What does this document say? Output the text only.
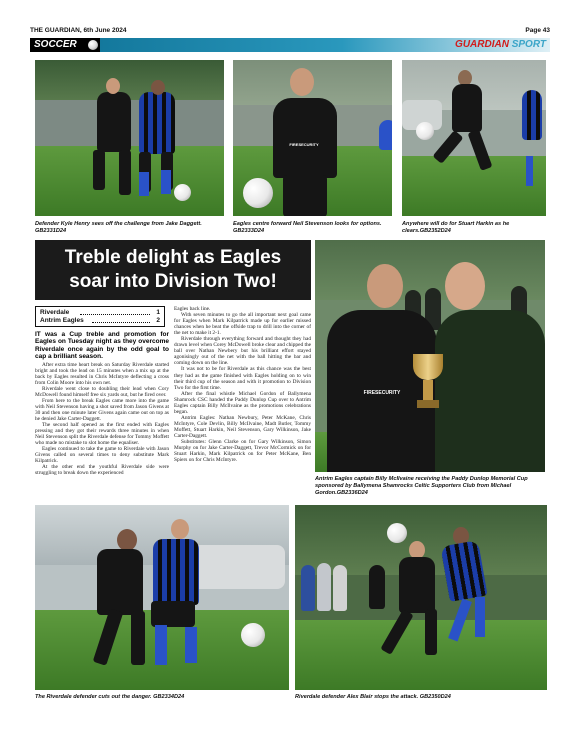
THE GUARDIAN, 6th June 2024	Page 43
SOCCER	GUARDIAN SPORT
FIRESECURITY
Defender Kyle Henry sees off the challenge from Jake Daggett. GB2331D24
Eagles centre forward Neil Stevenson looks for options. GB2333D24
Anywhere will do for Stuart Harkin as he clears.GB2352D24
Treble delight as Eagles
soar into Division Two!
Riverdale	1
Antrim Eagles	2

IT was a Cup treble and promotion for Eagles on Tuesday night as they overcome Riverdale once again by the odd goal to cap a brilliant season.

After extra time heart break on Saturday Riverdale started bright and took the lead on 15 minutes when a mix up at the back by Eagles resulted in Chris McIntyre deflecting a cross from Colin Moore into his own net.

Riverdale went close to doubling their lead when Cory McDowell found himself free six yards out, but he fired over.

From here to the break Eagles came more into the game with Neil Stevenson having a shot saved from Jason Givens at 30 and then one minute later Givens again came out on top as he denied Jake Carter-Daggett.

The second half opened as the first ended with Eagles pressing and they got their rewards three minutes in when Neil Stevenson split the Riverdale defense for Tommy Moffett who made no mistake to slot home the equaliser.

Eagles continued to take the game to Riverdale with Jason Givens called on several times to deny substitute Mark Kilpatrick.

At the other end the youthful Riverdale side were struggling to break down the experienced

Eagles back line.

With seven minutes to go the all important next goal came for Eagles when Mark Kilpatrick made up for earlier missed chances when he beat the offside trap to drill into the corner of the net to make it 2-1.

Riverdale through everything forward and thought they had drawn level when Corey McDowell broke clear and chipped the ball over Nathan Newbery but his brilliant effort stayed agonisingly out of the net with the ball hitting the bar and coming down on the line.

It was not to be for Riverdale as this chance was the best they had as the game finished with Eagles holding on to win their third cup of the season and with it promotion to Division Two for the first time.

After the final whistle Michael Gordon of Ballymena Shamrock CSC handed the Paddy Dunlop Cup over to Antrim Eagles captain Billy McIlvaine as the promotions celebrations began.

Antrim Eagles: Nathan Newbury, Peter McKane, Chris McIntyre, Cole Devlin, Billy McIlvaine, Madt Butler, Tommy Moffett, Stuart Harkin, Neil Stevenson, Gary Wilkinson, Jake Carter-Daggett.

Substitutes: Glenn Clarke on for Gary Wilkinson, Simon Murphy on for Jake Carter-Daggett, Trevor McCormick on for Stuart Harkin, Mark Kilpatrick on for Peter McKane, Ben Spiers on for Chris McIntyre.

FIRESECURITY
Antrim Eagles captain Billy McIlvaine receiving the Paddy Dunlop Memorial Cup sponsored by Ballymena Shamrocks Celtic Supporters Club from Michael Gordon.GB2336D24
The Riverdale defender cuts out the danger. GB2334D24	Riverdale defender Alex Blair stops the attack. GB2350D24
